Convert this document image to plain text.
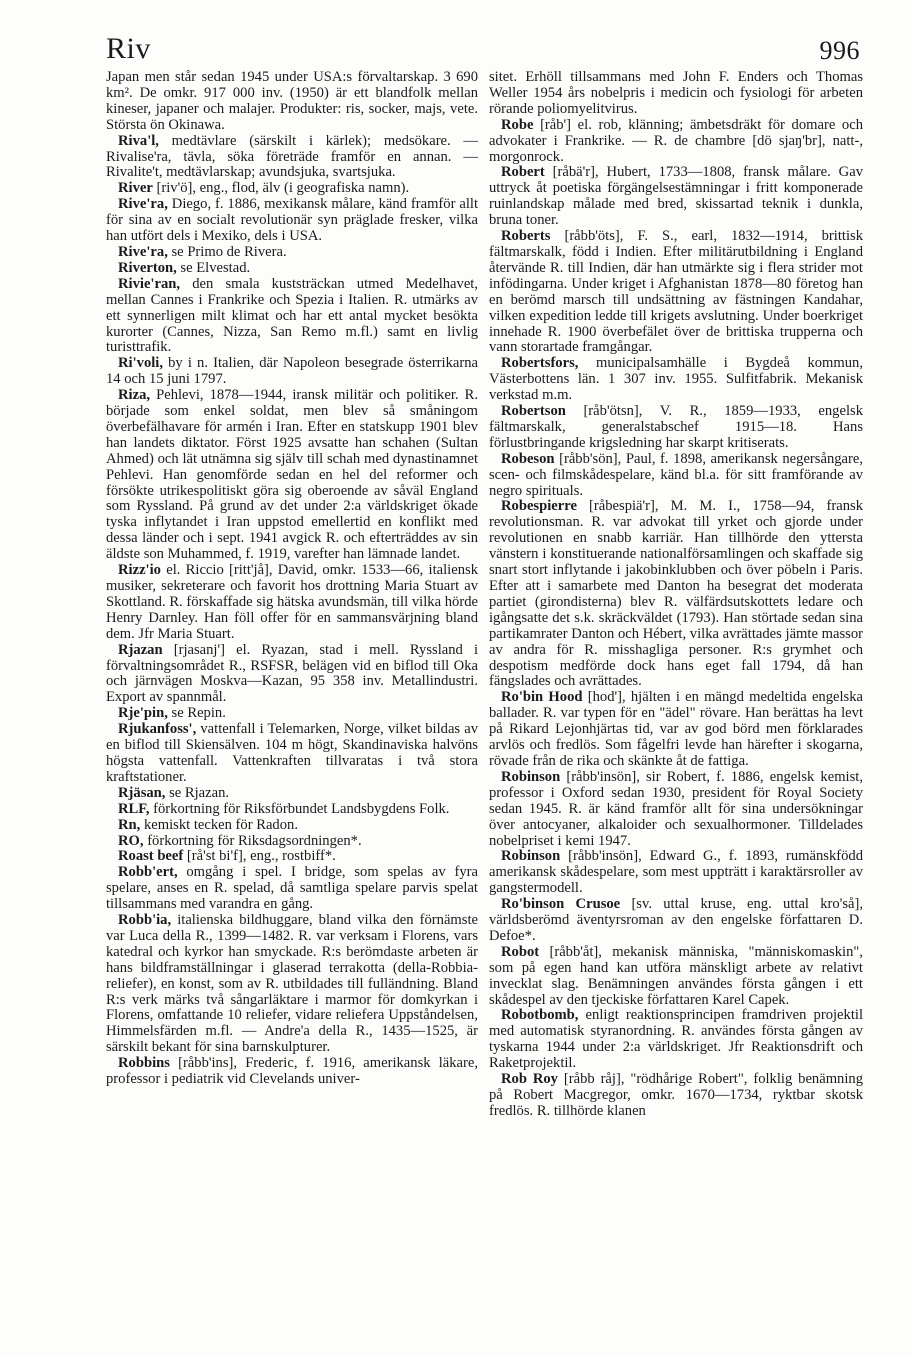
Riv	996

Japan men står sedan 1945 under USA:s förvaltarskap. 3 690 km². De omkr. 917 000 inv. (1950) är ett blandfolk mellan kineser, japaner och malajer. Produkter: ris, socker, majs, vete. Största ön Okinawa.

Riva'l, medtävlare (särskilt i kärlek); medsökare. — Rivalise'ra, tävla, söka företräde framför en annan. — Rivalite't, medtävlarskap; avundsjuka, svartsjuka.

River [riv'ö], eng., flod, älv (i geografiska namn).

Rive'ra, Diego, f. 1886, mexikansk målare, känd framför allt för sina av en socialt revolutionär syn präglade fresker, vilka han utfört dels i Mexiko, dels i USA.

Rive'ra, se Primo de Rivera.

Riverton, se Elvestad.

Rivie'ran, den smala kuststräckan utmed Medelhavet, mellan Cannes i Frankrike och Spezia i Italien. R. utmärks av ett synnerligen milt klimat och har ett antal mycket besökta kurorter (Cannes, Nizza, San Remo m.fl.) samt en livlig turisttrafik.

Ri'voli, by i n. Italien, där Napoleon besegrade österrikarna 14 och 15 juni 1797.

Riza, Pehlevi, 1878—1944, iransk militär och politiker. R. började som enkel soldat, men blev så småningom överbefälhavare för armén i Iran. Efter en statskupp 1901 blev han landets diktator. Först 1925 avsatte han schahen (Sultan Ahmed) och lät utnämna sig själv till schah med dynastinamnet Pehlevi. Han genomförde sedan en hel del reformer och försökte utrikespolitiskt göra sig oberoende av såväl England som Ryssland. På grund av det under 2:a världskriget ökade tyska inflytandet i Iran uppstod emellertid en konflikt med dessa länder och i sept. 1941 avgick R. och efterträddes av sin äldste son Muhammed, f. 1919, varefter han lämnade landet.

Rizz'io el. Riccio [ritt'jå], David, omkr. 1533—66, italiensk musiker, sekreterare och favorit hos drottning Maria Stuart av Skottland. R. förskaffade sig hätska avundsmän, till vilka hörde Henry Darnley. Han föll offer för en sammansvärjning bland dem. Jfr Maria Stuart.

Rjazan [rjasanj'] el. Ryazan, stad i mell. Ryssland i förvaltningsområdet R., RSFSR, belägen vid en biflod till Oka och järnvägen Moskva—Kazan, 95 358 inv. Metallindustri. Export av spannmål.

Rje'pin, se Repin.

Rjukanfoss', vattenfall i Telemarken, Norge, vilket bildas av en biflod till Skiensälven. 104 m högt, Skandinaviska halvöns högsta vattenfall. Vattenkraften tillvaratas i två stora kraftstationer.

Rjäsan, se Rjazan.

RLF, förkortning för Riksförbundet Landsbygdens Folk.

Rn, kemiskt tecken för Radon.

RO, förkortning för Riksdagsordningen*.

Roast beef [rå'st bi'f], eng., rostbiff*.

Robb'ert, omgång i spel. I bridge, som spelas av fyra spelare, anses en R. spelad, då samtliga spelare parvis spelat tillsammans med varandra en gång.

Robb'ia, italienska bildhuggare, bland vilka den förnämste var Luca della R., 1399—1482. R. var verksam i Florens, vars katedral och kyrkor han smyckade. R:s berömdaste arbeten är hans bildframställningar i glaserad terrakotta (della-Robbia-reliefer), en konst, som av R. utbildades till fulländning. Bland R:s verk märks två sångarläktare i marmor för domkyrkan i Florens, omfattande 10 reliefer, vidare reliefera Uppståndelsen, Himmelsfärden m.fl. — Andre'a della R., 1435—1525, är särskilt bekant för sina barnskulpturer.

Robbins [råbb'ins], Frederic, f. 1916, amerikansk läkare, professor i pediatrik vid Clevelands univer-

sitet. Erhöll tillsammans med John F. Enders och Thomas Weller 1954 års nobelpris i medicin och fysiologi för arbeten rörande poliomyelitvirus.

Robe [råb'] el. rob, klänning; ämbetsdräkt för domare och advokater i Frankrike. — R. de chambre [dö sjaŋ'br], natt-, morgonrock.

Robert [råbä'r], Hubert, 1733—1808, fransk målare. Gav uttryck åt poetiska förgängelsestämningar i fritt komponerade ruinlandskap målade med bred, skissartad teknik i dunkla, bruna toner.

Roberts [råbb'öts], F. S., earl, 1832—1914, brittisk fältmarskalk, född i Indien. Efter militärutbildning i England återvände R. till Indien, där han utmärkte sig i flera strider mot infödingarna. Under kriget i Afghanistan 1878—80 företog han en berömd marsch till undsättning av fästningen Kandahar, vilken expedition ledde till krigets avslutning. Under boerkriget innehade R. 1900 överbefälet över de brittiska trupperna och vann storartade framgångar.

Robertsfors, municipalsamhälle i Bygdeå kommun, Västerbottens län. 1 307 inv. 1955. Sulfitfabrik. Mekanisk verkstad m.m.

Robertson [råb'ötsn], V. R., 1859—1933, engelsk fältmarskalk, generalstabschef 1915—18. Hans förlustbringande krigsledning har skarpt kritiserats.

Robeson [råbb'sön], Paul, f. 1898, amerikansk negersångare, scen- och filmskådespelare, känd bl.a. för sitt framförande av negro spirituals.

Robespierre [råbespiä'r], M. M. I., 1758—94, fransk revolutionsman. R. var advokat till yrket och gjorde under revolutionen en snabb karriär. Han tillhörde den yttersta vänstern i konstituerande nationalförsamlingen och skaffade sig snart stort inflytande i jakobinklubben och över pöbeln i Paris. Efter att i samarbete med Danton ha besegrat det moderata partiet (girondisterna) blev R. välfärdsutskottets ledare och igångsatte det s.k. skräckväldet (1793). Han störtade sedan sina partikamrater Danton och Hébert, vilka avrättades jämte massor av andra för R. misshagliga personer. R:s grymhet och despotism medförde dock hans eget fall 1794, då han fängslades och avrättades.

Ro'bin Hood [hod'], hjälten i en mängd medeltida engelska ballader. R. var typen för en "ädel" rövare. Han berättas ha levt på Rikard Lejonhjärtas tid, var av god börd men förklarades arvlös och fredlös. Som fågelfri levde han härefter i skogarna, rövade från de rika och skänkte åt de fattiga.

Robinson [råbb'insön], sir Robert, f. 1886, engelsk kemist, professor i Oxford sedan 1930, president för Royal Society sedan 1945. R. är känd framför allt för sina undersökningar över antocyaner, alkaloider och sexualhormoner. Tilldelades nobelpriset i kemi 1947.

Robinson [råbb'insön], Edward G., f. 1893, rumänskfödd amerikansk skådespelare, som mest uppträtt i karaktärsroller av gangstermodell.

Ro'binson Crusoe [sv. uttal kruse, eng. uttal kro'så], världsberömd äventyrsroman av den engelske författaren D. Defoe*.

Robot [råbb'åt], mekanisk människa, "människomaskin", som på egen hand kan utföra mänskligt arbete av relativt invecklat slag. Benämningen användes första gången i ett skådespel av den tjeckiske författaren Karel Capek.

Robotbomb, enligt reaktionsprincipen framdriven projektil med automatisk styranordning. R. användes första gången av tyskarna 1944 under 2:a världskriget. Jfr Reaktionsdrift och Raketprojektil.

Rob Roy [råbb råj], "rödhårige Robert", folklig benämning på Robert Macgregor, omkr. 1670—1734, ryktbar skotsk fredlös. R. tillhörde klanen
